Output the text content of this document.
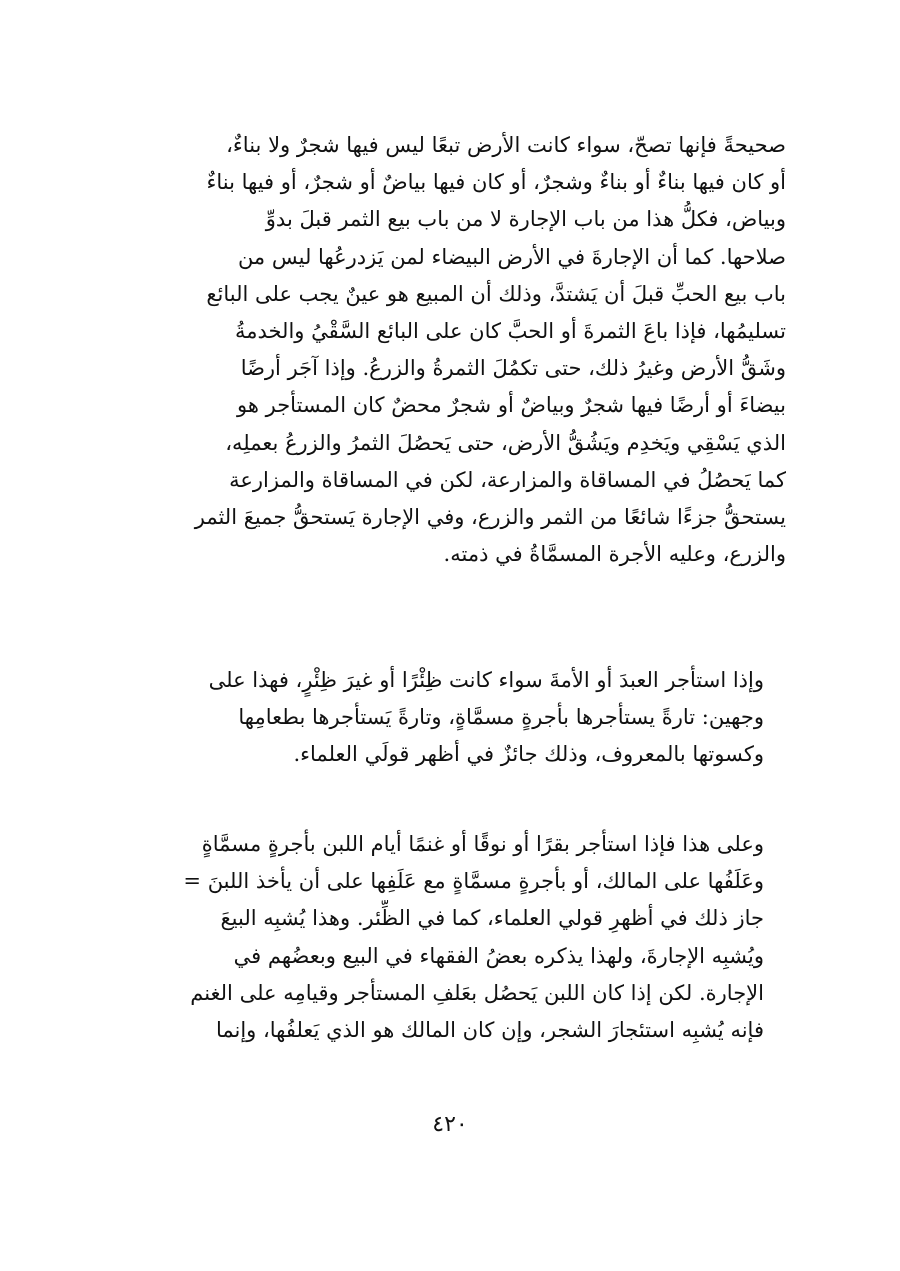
صحيحةً فإنها تصحّ، سواء كانت الأرض تبعًا ليس فيها شجرٌ ولا بناءٌ،
أو كان فيها بناءٌ أو بناءٌ وشجرٌ، أو كان فيها بياضٌ أو شجرٌ، أو فيها بناءٌ
وبياض، فكلُّ هذا من باب الإجارة لا من باب بيع الثمر قبلَ بدوِّ
صلاحها. كما أن الإجارةَ في الأرض البيضاء لمن يَزدرعُها ليس من
باب بيع الحبِّ قبلَ أن يَشتدَّ، وذلك أن المبيع هو عينٌ يجب على البائع
تسليمُها، فإذا باعَ الثمرةَ أو الحبَّ كان على البائع السَّقْيُ والخدمةُ
وشَقُّ الأرض وغيرُ ذلك، حتى تكمُلَ الثمرةُ والزرعُ. وإذا آجَر أرضًا
بيضاءَ أو أرضًا فيها شجرٌ وبياضٌ أو شجرٌ محضٌ كان المستأجر هو
الذي يَسْقِي ويَخدِم ويَشُقُّ الأرض، حتى يَحصُلَ الثمرُ والزرعُ بعملِه،
كما يَحصُلُ في المساقاة والمزارعة، لكن في المساقاة والمزارعة
يستحقُّ جزءًا شائعًا من الثمر والزرع، وفي الإجارة يَستحقُّ جميعَ الثمر
والزرع، وعليه الأجرة المسمَّاةُ في ذمته.
وإذا استأجر العبدَ أو الأمةَ سواء كانت ظِئْرًا أو غيرَ ظِئْرٍ، فهذا على
وجهين: تارةً يستأجرها بأجرةٍ مسمَّاةٍ، وتارةً يَستأجرها بطعامِها
وكسوتها بالمعروف، وذلك جائزٌ في أظهر قولَي العلماء.
وعلى هذا فإذا استأجر بقرًا أو نوقًا أو غنمًا أيام اللبن بأجرةٍ مسمَّاةٍ
وعَلَفُها على المالك، أو بأجرةٍ مسمَّاةٍ مع عَلَفِها على أن يأخذ اللبنَ =
جاز ذلك في أظهرِ قولي العلماء، كما في الظِّئر. وهذا يُشبِه البيعَ
ويُشبِه الإجارةَ، ولهذا يذكره بعضُ الفقهاء في البيع وبعضُهم في
الإجارة. لكن إذا كان اللبن يَحصُل بعَلفِ المستأجر وقيامِه على الغنم
فإنه يُشبِه استئجارَ الشجر، وإن كان المالك هو الذي يَعلفُها، وإنما
٤٢٠
